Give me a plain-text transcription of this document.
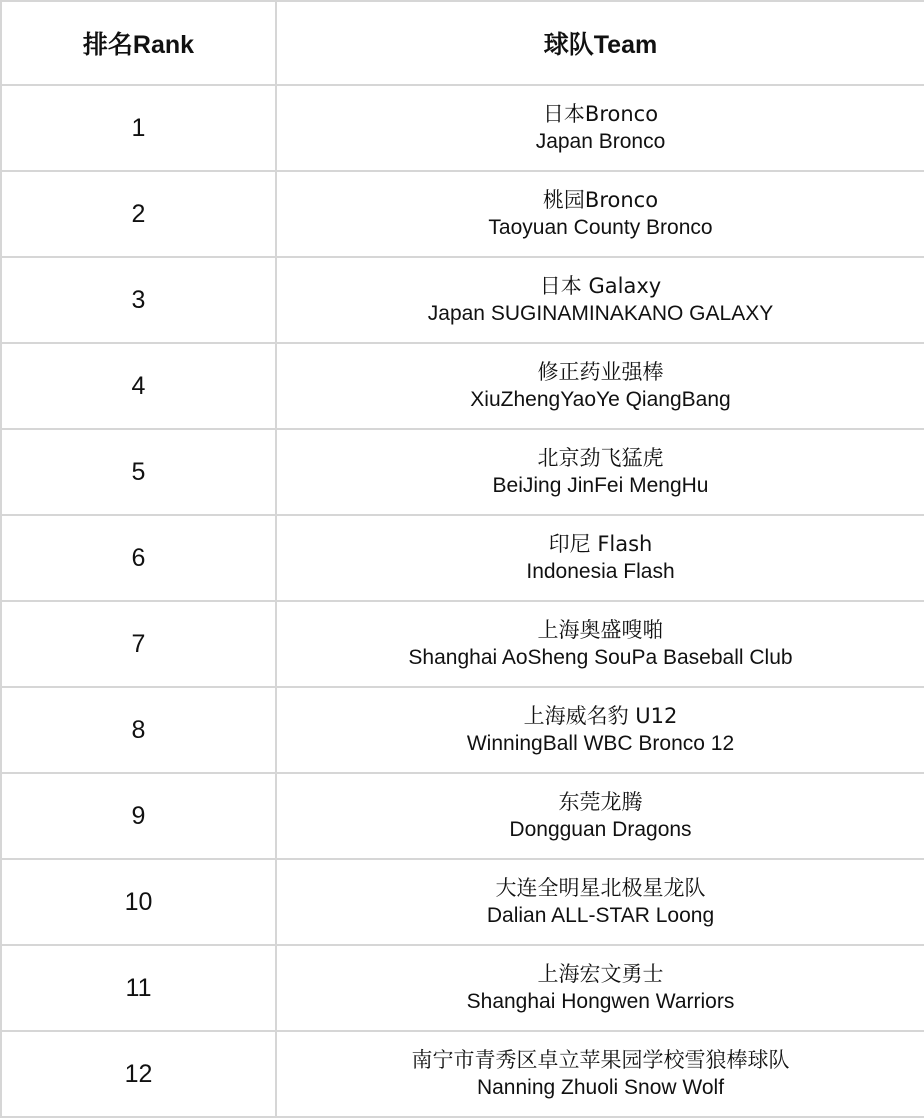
排名Rank	球队Team
1	日本Bronco
Japan Bronco

2	桃园Bronco
Taoyuan County Bronco

3	日本 Galaxy
Japan SUGINAMINAKANO GALAXY

4	修正药业强棒
XiuZhengYaoYe QiangBang

5	北京劲飞猛虎
BeiJing JinFei MengHu

6	印尼 Flash
Indonesia Flash

7	上海奥盛嗖啪
Shanghai AoSheng SouPa Baseball Club

8	上海威名豹 U12
WinningBall WBC Bronco 12

9	东莞龙腾
Dongguan Dragons

10	大连全明星北极星龙队
Dalian ALL-STAR Loong

11	上海宏文勇士
Shanghai Hongwen Warriors

12	南宁市青秀区卓立苹果园学校雪狼棒球队
Nanning Zhuoli Snow Wolf
